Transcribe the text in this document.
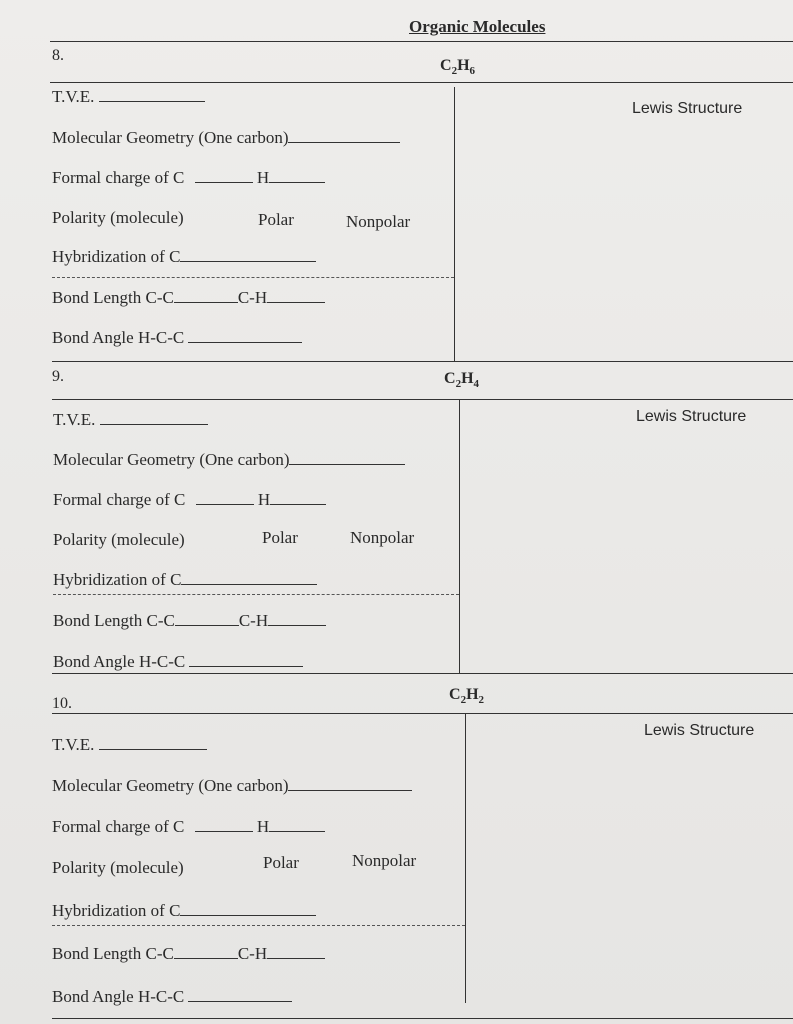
Organic Molecules
8.
$C_2H_6$
Lewis Structure
T.V.E.
Molecular Geometry (One carbon)
Formal charge of C	H
Polarity (molecule)	Polar	Nonpolar
Hybridization of C
Bond Length C-C	C-H
Bond Angle H-C-C
9.	$C_2H_4$
Lewis Structure
T.V.E.
Molecular Geometry (One carbon)
Formal charge of C	H
Polarity (molecule)	Polar	Nonpolar
Hybridization of C
Bond Length C-C	C-H
Bond Angle H-C-C
$C_2H_2$
10.
Lewis Structure
T.V.E.
Molecular Geometry (One carbon)
Formal charge of C	H
Polarity (molecule)	Polar	Nonpolar
Hybridization of C
Bond Length C-C	C-H
Bond Angle H-C-C
